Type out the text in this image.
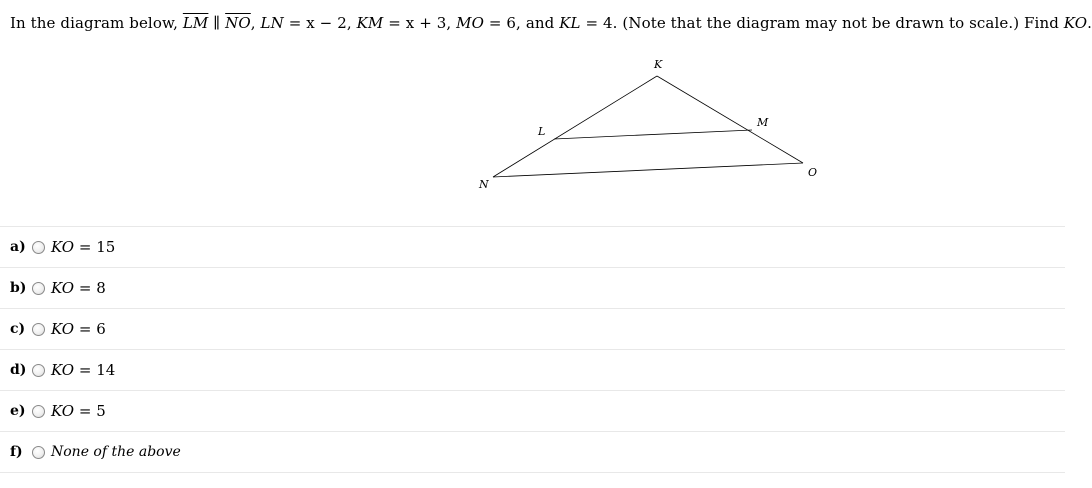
In the diagram below, $\overline{LM}$ ∥ $\overline{NO}$, LN = x − 2, KM = x + 3, MO = 6, and KL = 4. (Note that the diagram may not be drawn to scale.) Find KO.
K
L
M
N
O
a)	KO = 15
b)	KO = 8
c)	KO = 6
d)	KO = 14
e)	KO = 5
f)	None of the above
